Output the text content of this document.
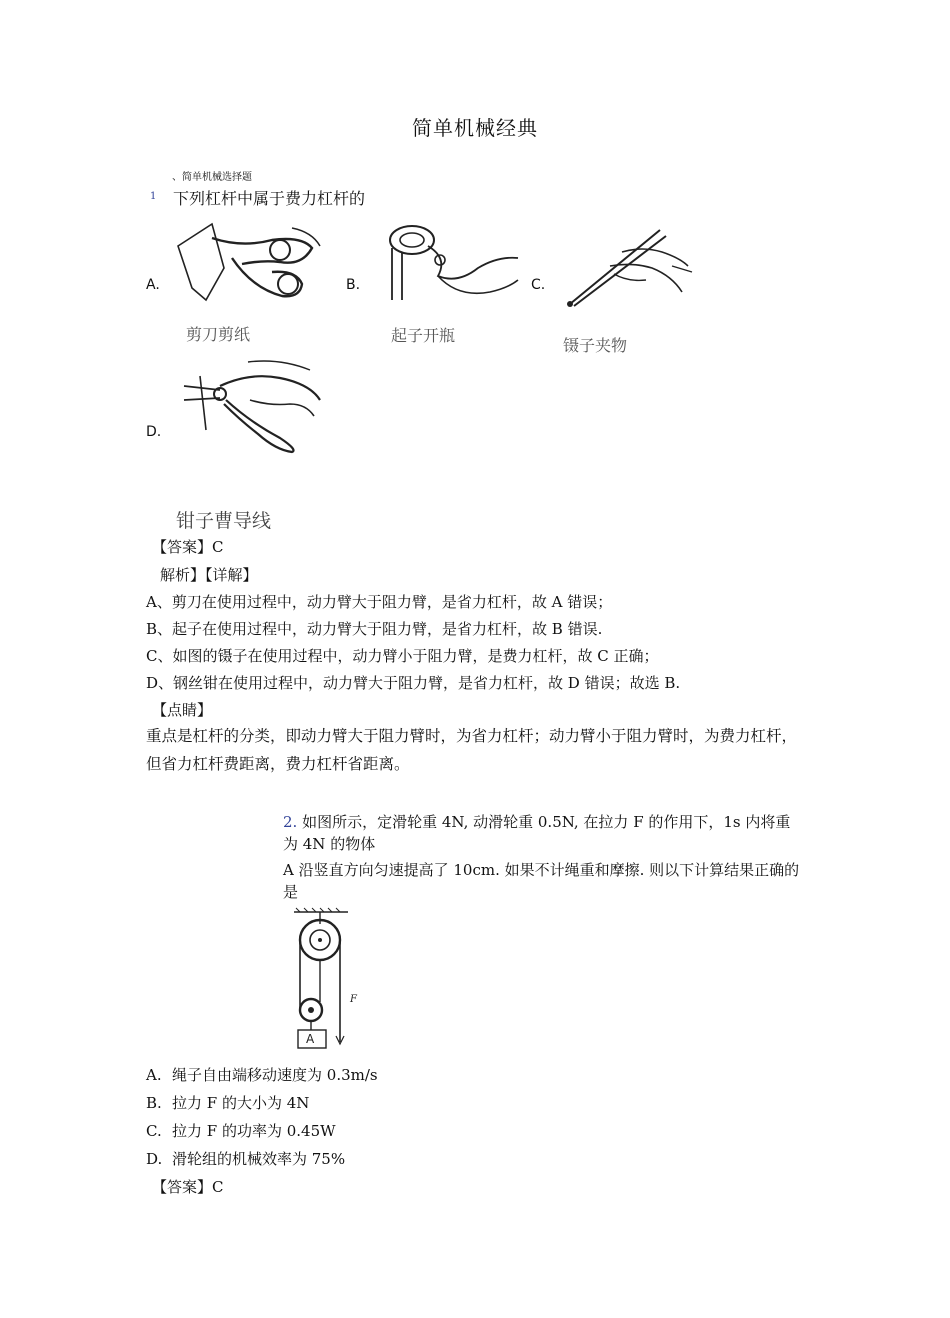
简单机械经典
、简单机械选择题
1 下列杠杆中属于费力杠杆的
A.
剪刀剪纸
B.
起子开瓶
C.
镊子夹物
D.
钳子曹导线
【答案】C
解析】【详解】
A、剪刀在使用过程中，动力臂大于阻力臂，是省力杠杆，故 A 错误；
B、起子在使用过程中，动力臂大于阻力臂，是省力杠杆，故 B 错误.
C、如图的镊子在使用过程中，动力臂小于阻力臂，是费力杠杆，故 C 正确；
D、钢丝钳在使用过程中，动力臂大于阻力臂，是省力杠杆，故 D 错误；故选 B.
【点睛】
重点是杠杆的分类，即动力臂大于阻力臂时，为省力杠杆；动力臂小于阻力臂时，为费力杠杆，但省力杠杆费距离，费力杠杆省距离。
2. 如图所示，定滑轮重 4N, 动滑轮重 0.5N, 在拉力 F 的作用下，1s 内将重为 4N 的物体
A 沿竖直方向匀速提高了 10cm. 如果不计绳重和摩擦. 则以下计算结果正确的是
F
A
A. 绳子自由端移动速度为 0.3m/s
B. 拉力 F 的大小为 4N
C. 拉力 F 的功率为 0.45W
D. 滑轮组的机械效率为 75%
【答案】C
